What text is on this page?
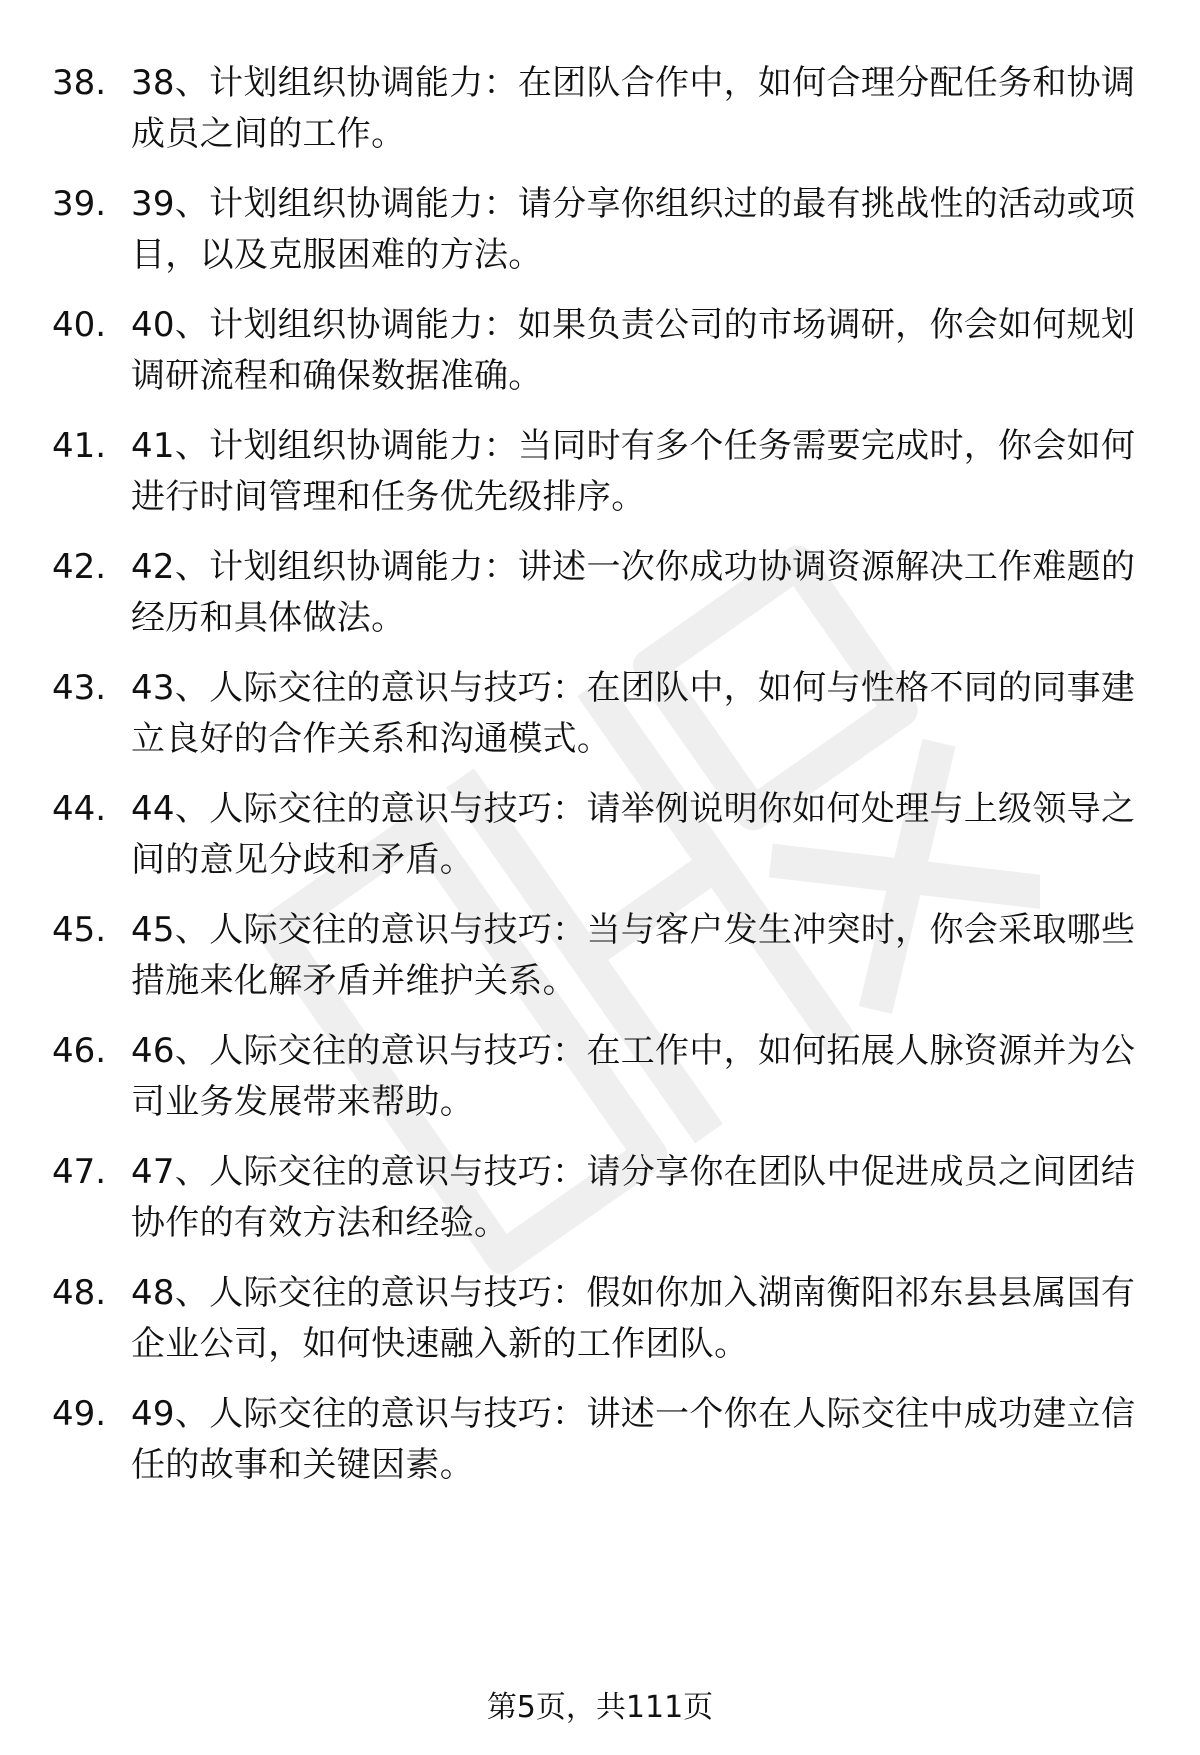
38. 38、计划组织协调能力：在团队合作中，如何合理分配任务和协调成员之间的工作。
39. 39、计划组织协调能力：请分享你组织过的最有挑战性的活动或项目，以及克服困难的方法。
40. 40、计划组织协调能力：如果负责公司的市场调研，你会如何规划调研流程和确保数据准确。
41. 41、计划组织协调能力：当同时有多个任务需要完成时，你会如何进行时间管理和任务优先级排序。
42. 42、计划组织协调能力：讲述一次你成功协调资源解决工作难题的经历和具体做法。
43. 43、人际交往的意识与技巧：在团队中，如何与性格不同的同事建立良好的合作关系和沟通模式。
44. 44、人际交往的意识与技巧：请举例说明你如何处理与上级领导之间的意见分歧和矛盾。
45. 45、人际交往的意识与技巧：当与客户发生冲突时，你会采取哪些措施来化解矛盾并维护关系。
46. 46、人际交往的意识与技巧：在工作中，如何拓展人脉资源并为公司业务发展带来帮助。
47. 47、人际交往的意识与技巧：请分享你在团队中促进成员之间团结协作的有效方法和经验。
48. 48、人际交往的意识与技巧：假如你加入湖南衡阳祁东县县属国有企业公司，如何快速融入新的工作团队。
49. 49、人际交往的意识与技巧：讲述一个你在人际交往中成功建立信任的故事和关键因素。
第5页，共111页
